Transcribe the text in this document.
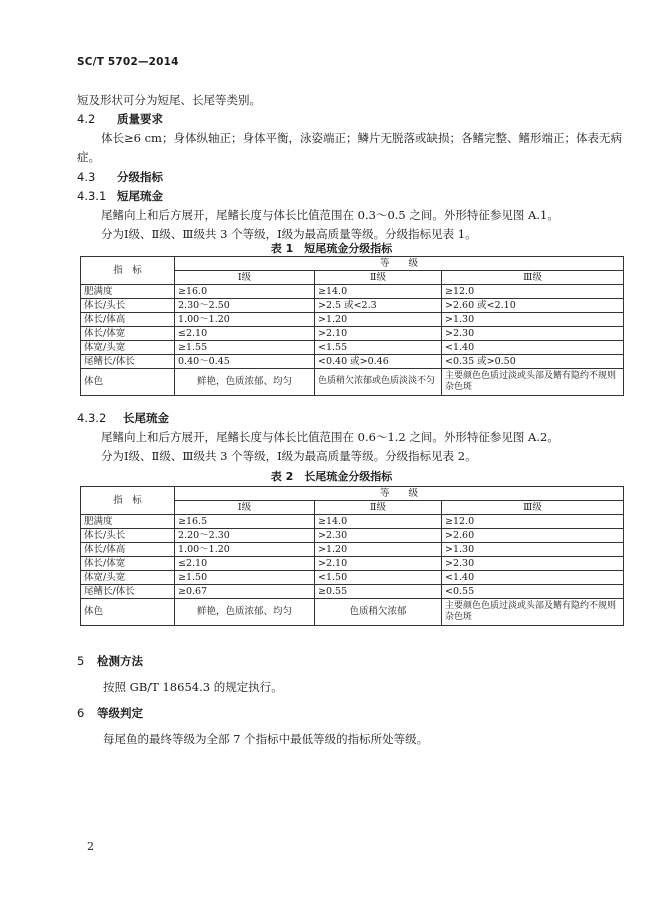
SC/T 5702—2014
短及形状可分为短尾、长尾等类别。
4.2 质量要求
体长≥6 cm；身体纵轴正；身体平衡，泳姿端正；鳞片无脱落或缺损；各鳍完整、鳍形端正；体表无病
症。
4.3 分级指标
4.3.1 短尾琉金
尾鳍向上和后方展开，尾鳍长度与体长比值范围在 0.3～0.5 之间。外形特征参见图 A.1。
分为Ⅰ级、Ⅱ级、Ⅲ级共 3 个等级，Ⅰ级为最高质量等级。分级指标见表 1。
表 1　短尾琉金分级指标
指　标	等　　级		
	Ⅰ级	Ⅱ级	Ⅲ级
肥满度	≥16.0	≥14.0	≥12.0
体长/头长	2.30～2.50	>2.5 或<2.3	>2.60 或<2.10
体长/体高	1.00～1.20	>1.20	>1.30
体长/体宽	≤2.10	>2.10	>2.30
体宽/头宽	≥1.55	<1.55	<1.40
尾鳍长/体长	0.40～0.45	<0.40 或>0.46	<0.35 或>0.50
体色	鲜艳，色质浓郁、均匀	色质稍欠浓郁或色质淡淡不匀	主要颜色色质过淡或头部及鳍有隐约不规则杂色斑
4.3.2 长尾琉金
尾鳍向上和后方展开，尾鳍长度与体长比值范围在 0.6～1.2 之间。外形特征参见图 A.2。
分为Ⅰ级、Ⅱ级、Ⅲ级共 3 个等级，Ⅰ级为最高质量等级。分级指标见表 2。
表 2　长尾琉金分级指标
指　标	等　　级		
	Ⅰ级	Ⅱ级	Ⅲ级
肥满度	≥16.5	≥14.0	≥12.0
体长/头长	2.20～2.30	>2.30	>2.60
体长/体高	1.00～1.20	>1.20	>1.30
体长/体宽	≤2.10	>2.10	>2.30
体宽/头宽	≥1.50	<1.50	<1.40
尾鳍长/体长	≥0.67	≥0.55	<0.55
体色	鲜艳，色质浓郁、均匀	色质稍欠浓郁	主要颜色色质过淡或头部及鳍有隐约不规则杂色斑
5 检测方法
按照 GB/T 18654.3 的规定执行。
6 等级判定
每尾鱼的最终等级为全部 7 个指标中最低等级的指标所处等级。
2
